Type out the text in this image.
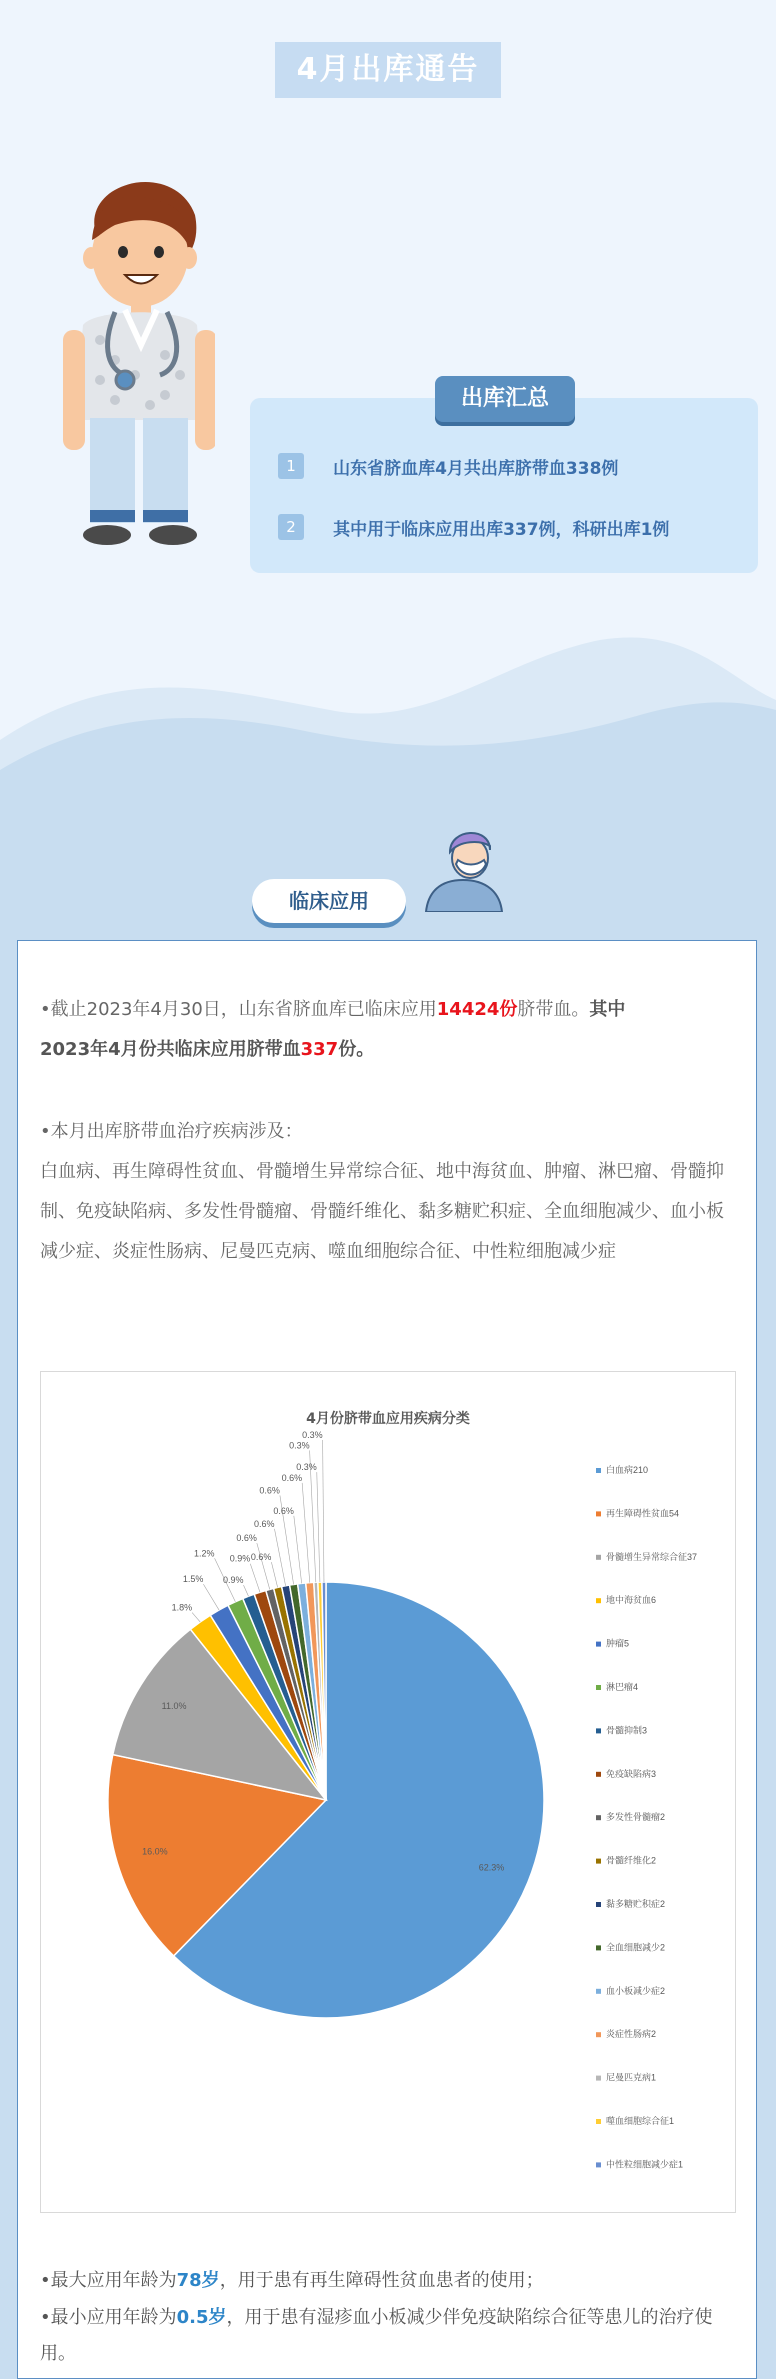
4月出库通告
出库汇总
1 山东省脐血库4月共出库脐带血338例
2 其中用于临床应用出库337例，科研出库1例
临床应用
•截止2023年4月30日，山东省脐血库已临床应用14424份脐带血。其中
2023年4月份共临床应用脐带血337份。
•本月出库脐带血治疗疾病涉及：
白血病、再生障碍性贫血、骨髓增生异常综合征、地中海贫血、肿瘤、淋巴瘤、骨髓抑制、免疫缺陷病、多发性骨髓瘤、骨髓纤维化、黏多糖贮积症、全血细胞减少、血小板减少症、炎症性肠病、尼曼匹克病、噬血细胞综合征、中性粒细胞减少症
4月份脐带血应用疾病分类
62.3%
16.0%
11.0%
1.8%
1.5%
1.2%
0.9%
0.9%
0.6%
0.6%
0.6%
0.6%
0.6%
0.6%
0.3%
0.3%
0.3%
白血病210
再生障碍性贫血54
骨髓增生异常综合征37
地中海贫血6
肿瘤5
淋巴瘤4
骨髓抑制3
免疫缺陷病3
多发性骨髓瘤2
骨髓纤维化2
黏多糖贮积症2
全血细胞减少2
血小板减少症2
炎症性肠病2
尼曼匹克病1
噬血细胞综合征1
中性粒细胞减少症1
•最大应用年龄为78岁，用于患有再生障碍性贫血患者的使用；
•最小应用年龄为0.5岁，用于患有湿疹血小板减少伴免疫缺陷综合征等患儿的治疗使用。
